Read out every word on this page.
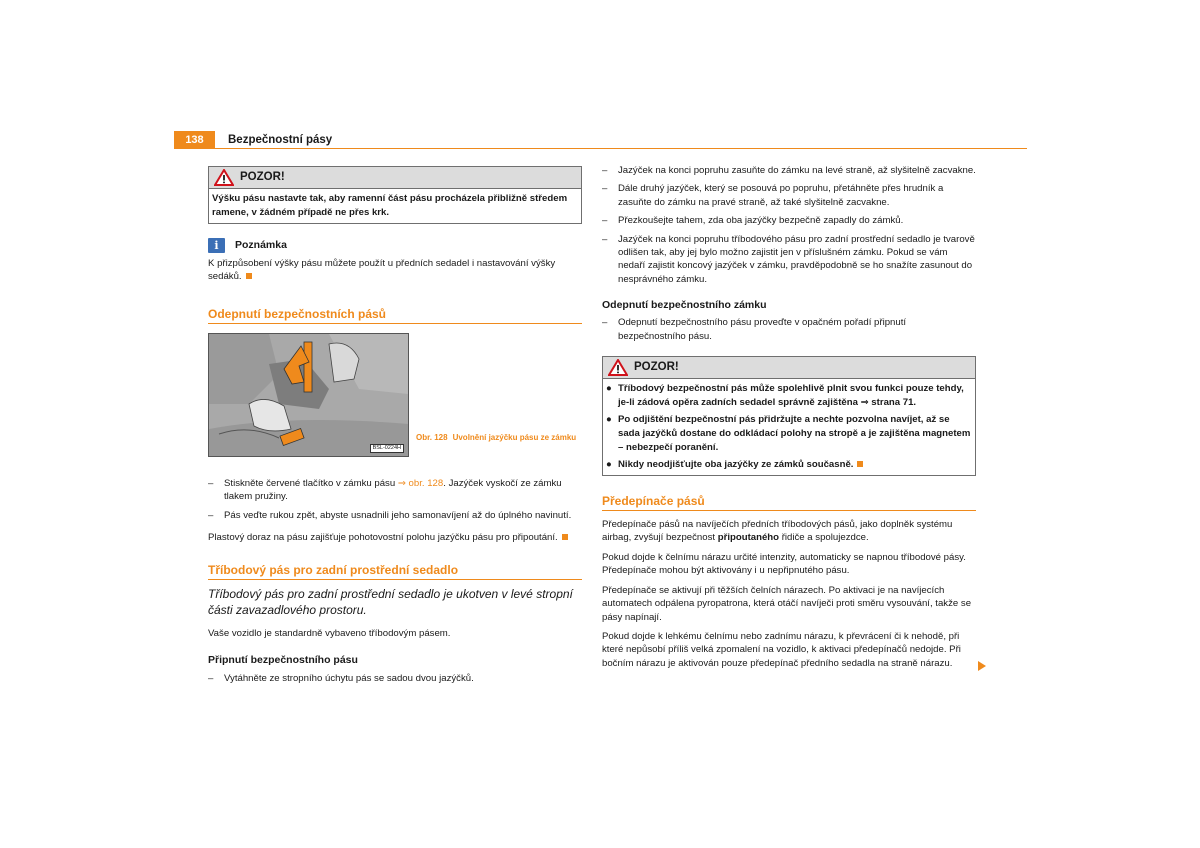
138	Bezpečnostní pásy
POZOR!

Výšku pásu nastavte tak, aby ramenní část pásu procházela přibližně středem ramene, v žádném případě ne přes krk.

i	Poznámka

K přizpůsobení výšky pásu můžete použít u předních sedadel i nastavování výšky sedáků.

Odepnutí bezpečnostních pásů
–	Stiskněte červené tlačítko v zámku pásu ⇒ obr. 128. Jazýček vyskočí ze zámku tlakem pružiny.
–	Pás veďte rukou zpět, abyste usnadnili jeho samonavíjení až do úplného navinutí.

Plastový doraz na pásu zajišťuje pohotovostní polohu jazýčku pásu pro připoutání.

Tříbodový pás pro zadní prostřední sedadlo

Tříbodový pás pro zadní prostřední sedadlo je ukotven v levé stropní části zavazadlového prostoru.

Vaše vozidlo je standardně vybaveno tříbodovým pásem.

Připnutí bezpečnostního pásu
–	Vytáhněte ze stropního úchytu pás se sadou dvou jazýčků.
BSL-0224H
Obr. 128 Uvolnění jazýčku pásu ze zámku
–	Jazýček na konci popruhu zasuňte do zámku na levé straně, až slyšitelně zacvakne.
–	Dále druhý jazýček, který se posouvá po popruhu, přetáhněte přes hrudník a zasuňte do zámku na pravé straně, až také slyšitelně zacvakne.
–	Přezkoušejte tahem, zda oba jazýčky bezpečně zapadly do zámků.
–	Jazýček na konci popruhu tříbodového pásu pro zadní prostřední sedadlo je tvarově odlišen tak, aby jej bylo možno zajistit jen v příslušném zámku. Pokud se vám nedaří zajistit koncový jazýček v zámku, pravděpodobně se ho snažíte zasunout do nesprávného zámku.
Odepnutí bezpečnostního zámku
–	Odepnutí bezpečnostního pásu proveďte v opačném pořadí připnutí bezpečnostního pásu.
POZOR!
● Tříbodový bezpečnostní pás může spolehlivě plnit svou funkci pouze tehdy, je-li zádová opěra zadních sedadel správně zajištěna ⇒ strana 71.
● Po odjištění bezpečnostní pás přidržujte a nechte pozvolna navíjet, až se sada jazýčků dostane do odkládací polohy na stropě a je zajištěna magnetem – nebezpečí poranění.
● Nikdy neodjišťujte oba jazýčky ze zámků současně.
Předepínače pásů

Předepínače pásů na navíječích předních tříbodových pásů, jako doplněk systému airbag, zvyšují bezpečnost připoutaného řidiče a spolujezdce.

Pokud dojde k čelnímu nárazu určité intenzity, automaticky se napnou tříbodové pásy. Předepínače mohou být aktivovány i u nepřipnutého pásu.

Předepínače se aktivují při těžších čelních nárazech. Po aktivaci je na navíjecích automatech odpálena pyropatrona, která otáčí navíječi proti směru vysouvání, takže se pásy napínají.

Pokud dojde k lehkému čelnímu nebo zadnímu nárazu, k převrácení či k nehodě, při které nepůsobí příliš velká zpomalení na vozidlo, k aktivaci předepínačů nedojde. Při bočním nárazu je aktivován pouze předepínač předního sedadla na straně nárazu.
